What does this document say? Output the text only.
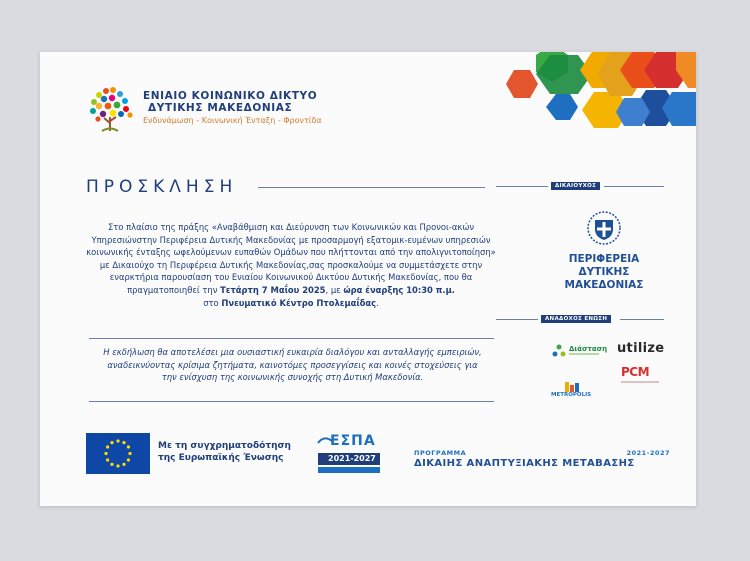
ΕΝΙΑΙΟ ΚΟΙΝΩΝΙΚΟ ΔΙΚΤΥΟ
ΔΥΤΙΚΗΣ ΜΑΚΕΔΟΝΙΑΣ
Ενδυνάμωση - Κοινωνική Ένταξη - Φροντίδα
ΠΡΟΣΚΛΗΣΗ	ΔΙΚΑΙΟΥΧΟΣ
Στο πλαίσιο της πράξης «Αναβάθμιση και Διεύρυνση των Κοινωνικών και Προνοι-ακών Υπηρεσιώνστην Περιφέρεια Δυτικής Μακεδονίας με προσαρμογή εξατομικ-ευμένων υπηρεσιών κοινωνικής ένταξης ωφελούμενων ευπαθών Ομάδων που πλήττονται από την απολιγνιτοποίηση» με Δικαιούχο τη Περιφέρεια Δυτικής Μακεδονίας,σας προσκαλούμε να συμμετάσχετε στην εναρκτήρια παρουσίαση του Ενιαίου Κοινωνικού Δικτύου Δυτικής Μακεδονίας, που θα πραγματοποιηθεί την Τετάρτη 7 Μαΐου 2025, με ώρα έναρξης 10:30 π.μ.
στο Πνευματικό Κέντρο Πτολεμαΐδας.
Η εκδήλωση θα αποτελέσει μια ουσιαστική ευκαιρία διαλόγου και ανταλλαγής εμπειριών, αναδεικνύοντας κρίσιμα ζητήματα, καινοτόμες προσεγγίσεις και κοινές στοχεύσεις για την ενίσχυση της κοινωνικής συνοχής στη Δυτική Μακεδονία.
ΠΕΡΙΦΕΡΕΙΑ
ΔΥΤΙΚΗΣ
ΜΑΚΕΔΟΝΙΑΣ
ΑΝΑΔΟΧΟΣ ΕΝΩΣΗ
Διάσταση utilize
METROPOLIS
PCM
Με τη συγχρηματοδότηση
της Ευρωπαϊκής Ένωσης
ΕΣΠΑ
2021-2027
ΠΡΟΓΡΑΜΜΑ	2021-2027
ΔΙΚΑΙΗΣ ΑΝΑΠΤΥΞΙΑΚΗΣ ΜΕΤΑΒΑΣΗΣ
